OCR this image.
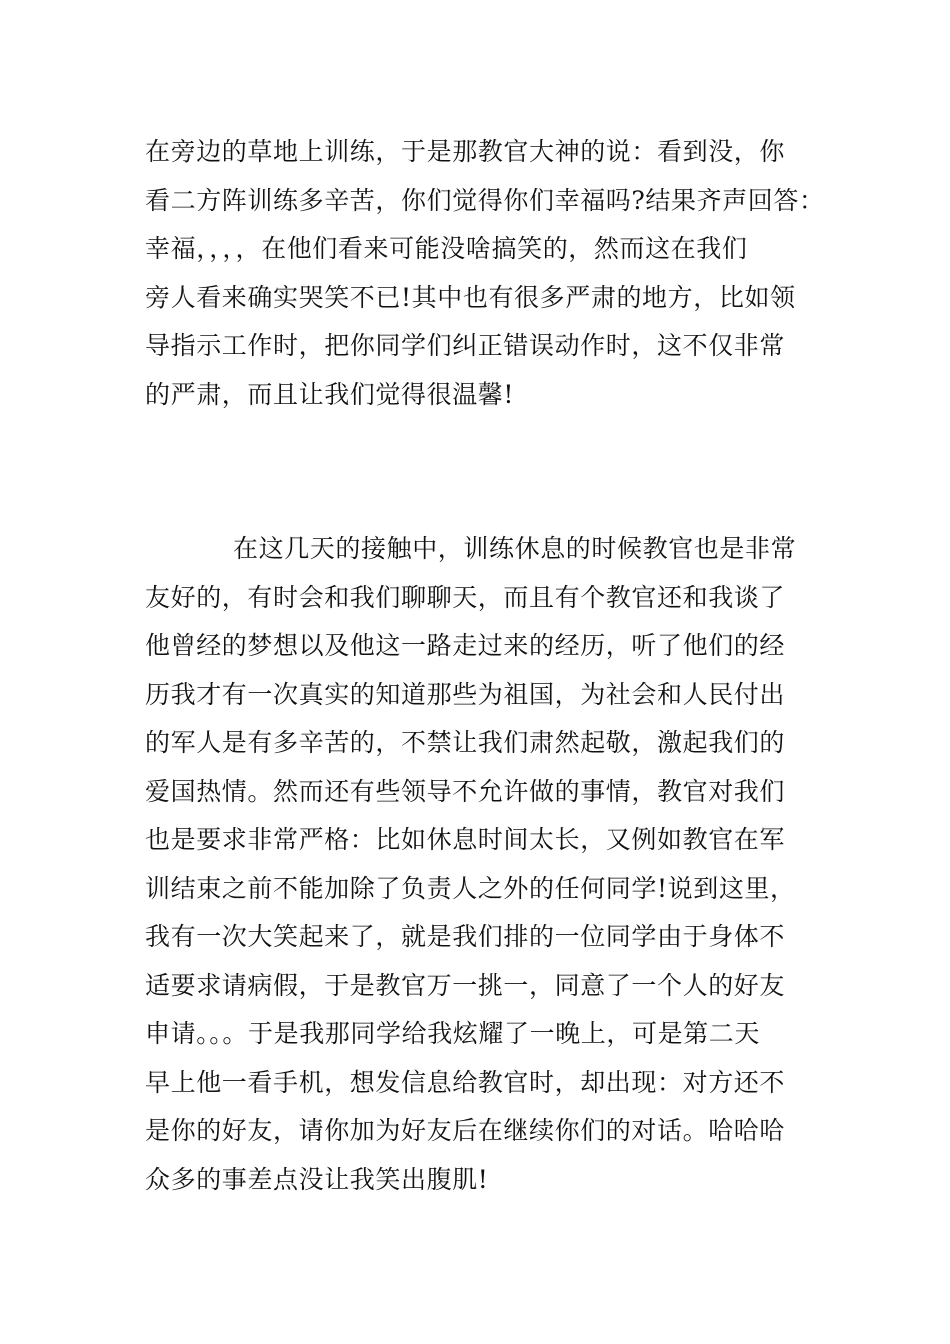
在旁边的草地上训练，于是那教官大神的说：看到没，你
看二方阵训练多辛苦，你们觉得你们幸福吗?结果齐声回答：
幸福，，，，在他们看来可能没啥搞笑的，然而这在我们
旁人看来确实哭笑不已!其中也有很多严肃的地方，比如领
导指示工作时，把你同学们纠正错误动作时，这不仅非常
的严肃，而且让我们觉得很温馨!
在这几天的接触中，训练休息的时候教官也是非常
友好的，有时会和我们聊聊天，而且有个教官还和我谈了
他曾经的梦想以及他这一路走过来的经历，听了他们的经
历我才有一次真实的知道那些为祖国，为社会和人民付出
的军人是有多辛苦的，不禁让我们肃然起敬，激起我们的
爱国热情。然而还有些领导不允许做的事情，教官对我们
也是要求非常严格：比如休息时间太长，又例如教官在军
训结束之前不能加除了负责人之外的任何同学!说到这里，
我有一次大笑起来了，就是我们排的一位同学由于身体不
适要求请病假，于是教官万一挑一，同意了一个人的好友
申请。。。于是我那同学给我炫耀了一晚上，可是第二天
早上他一看手机，想发信息给教官时，却出现：对方还不
是你的好友，请你加为好友后在继续你们的对话。哈哈哈
众多的事差点没让我笑出腹肌!
